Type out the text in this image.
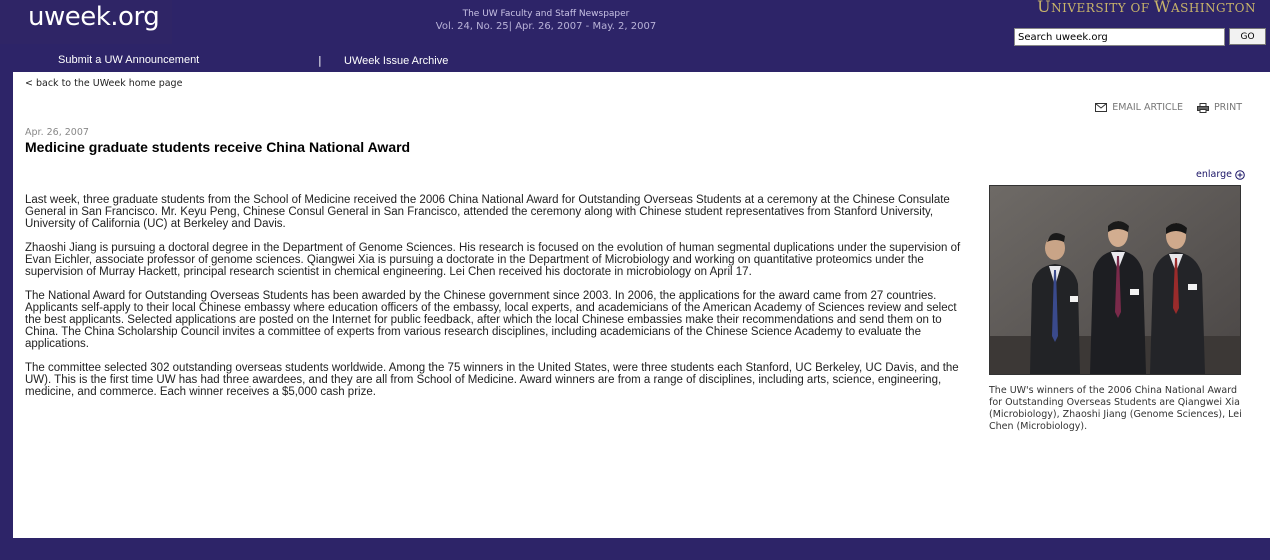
uweek.org	The UW Faculty and Staff Newspaper
Vol. 24, No. 25| Apr. 26, 2007 - May. 2, 2007
UNIVERSITY OF WASHINGTON
Search uweek.org
GO
Submit a UW Announcement	| UWeek Issue Archive
< back to the UWeek home page
EMAIL ARTICLE	PRINT
Apr. 26, 2007
Medicine graduate students receive China National Award

Last week, three graduate students from the School of Medicine received the 2006 China National Award for Outstanding Overseas Students at a ceremony at the Chinese Consulate General in San Francisco. Mr. Keyu Peng, Chinese Consul General in San Francisco, attended the ceremony along with Chinese student representatives from Stanford University, University of California (UC) at Berkeley and Davis.

Zhaoshi Jiang is pursuing a doctoral degree in the Department of Genome Sciences. His research is focused on the evolution of human segmental duplications under the supervision of Evan Eichler, associate professor of genome sciences. Qiangwei Xia is pursuing a doctorate in the Department of Microbiology and working on quantitative proteomics under the supervision of Murray Hackett, principal research scientist in chemical engineering. Lei Chen received his doctorate in microbiology on April 17.

The National Award for Outstanding Overseas Students has been awarded by the Chinese government since 2003. In 2006, the applications for the award came from 27 countries. Applicants self-apply to their local Chinese embassy where education officers of the embassy, local experts, and academicians of the American Academy of Sciences review and select the best applicants. Selected applications are posted on the Internet for public feedback, after which the local Chinese embassies make their recommendations and send them on to China. The China Scholarship Council invites a committee of experts from various research disciplines, including academicians of the Chinese Science Academy to evaluate the applications.

The committee selected 302 outstanding overseas students worldwide. Among the 75 winners in the United States, were three students each Stanford, UC Berkeley, UC Davis, and the UW). This is the first time UW has had three awardees, and they are all from School of Medicine. Award winners are from a range of disciplines, including arts, science, engineering, medicine, and commerce. Each winner receives a $5,000 cash prize.

enlarge
The UW's winners of the 2006 China National Award for Outstanding Overseas Students are Qiangwei Xia (Microbiology), Zhaoshi Jiang (Genome Sciences), Lei Chen (Microbiology).
